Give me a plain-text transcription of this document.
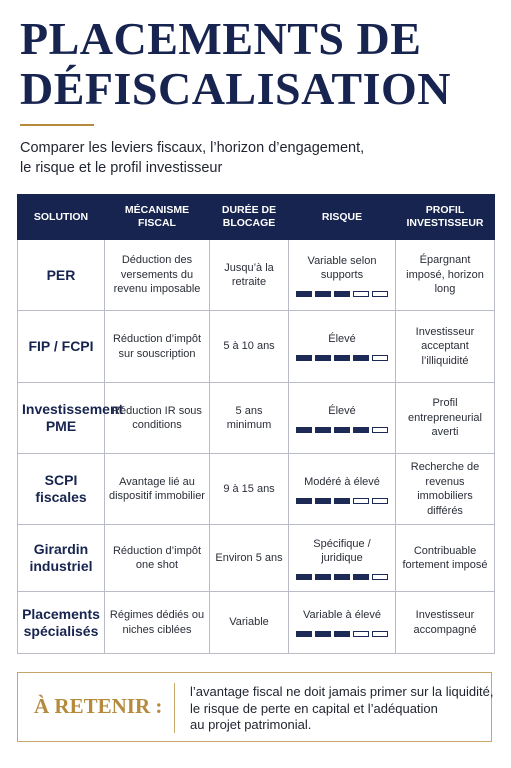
PLACEMENTS DE
DÉFISCALISATION
Comparer les leviers fiscaux, l’horizon d’engagement,
le risque et le profil investisseur
SOLUTION	MÉCANISME FISCAL	DURÉE DE BLOCAGE	RISQUE	PROFIL INVESTISSEUR
PER	Déduction des versements du revenu imposable	Jusqu’à la retraite	Variable selon supports	Épargnant imposé, horizon long
FIP / FCPI	Réduction d’impôt sur souscription	5 à 10 ans	Élevé	Investisseur acceptant l’illiquidité
Investissement PME	Réduction IR sous conditions	5 ans minimum	Élevé	Profil entrepreneurial averti
SCPI fiscales	Avantage lié au dispositif immobilier	9 à 15 ans	Modéré à élevé	Recherche de revenus immobiliers différés
Girardin industriel	Réduction d’impôt one shot	Environ 5 ans	Spécifique / juridique	Contribuable fortement imposé
Placements spécialisés	Régimes dédiés ou niches ciblées	Variable	Variable à élevé	Investisseur accompagné
À RETENIR :
l’avantage fiscal ne doit jamais primer sur la liquidité,
le risque de perte en capital et l’adéquation
au projet patrimonial.
